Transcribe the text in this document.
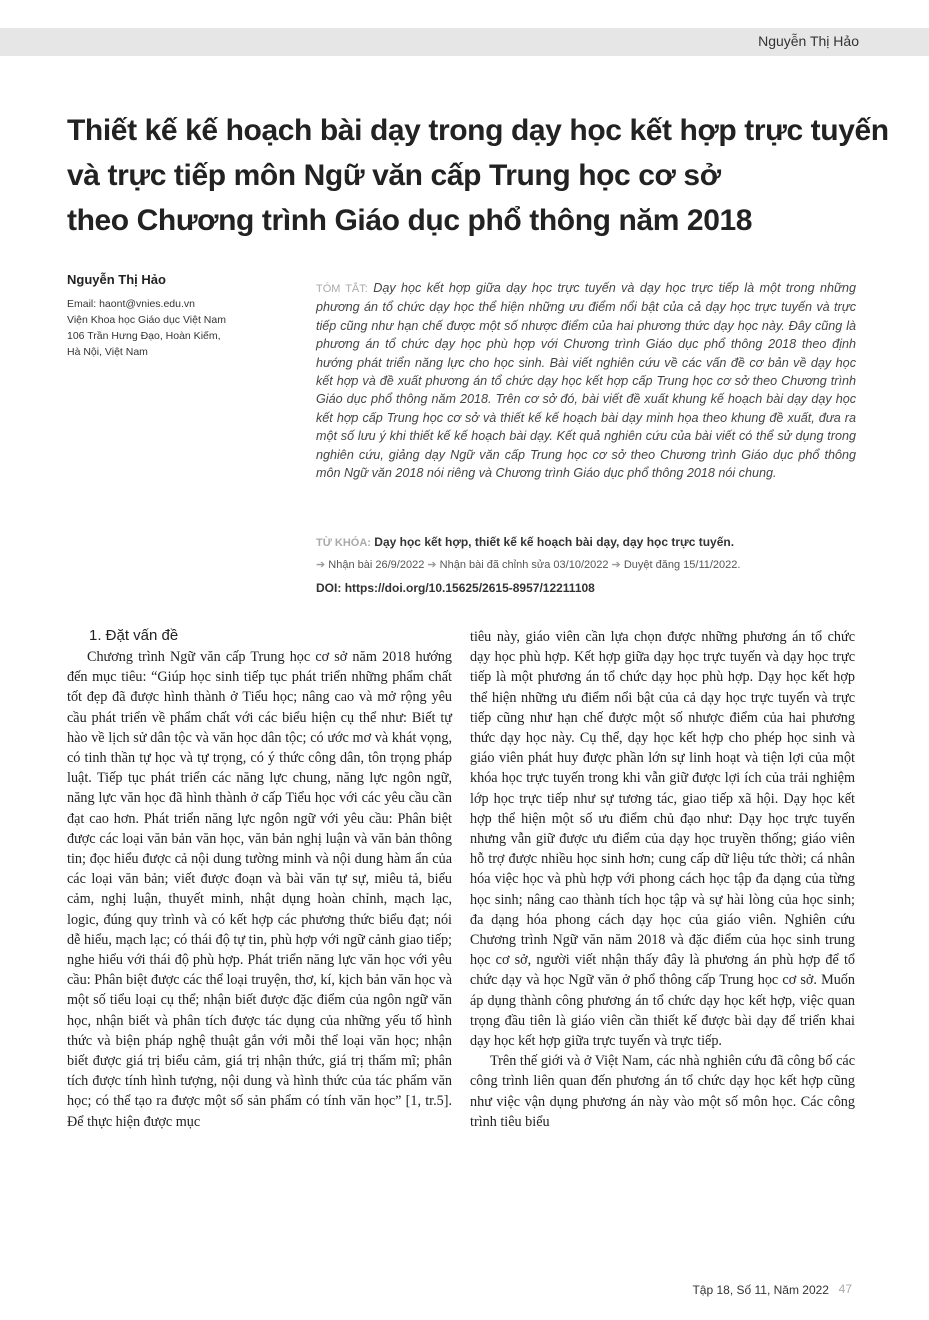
Nguyễn Thị Hảo
Thiết kế kế hoạch bài dạy trong dạy học kết hợp trực tuyến
và trực tiếp môn Ngữ văn cấp Trung học cơ sở
theo Chương trình Giáo dục phổ thông năm 2018
Nguyễn Thị Hảo
Email: haont@vnies.edu.vn
Viện Khoa học Giáo dục Việt Nam
106 Trần Hưng Đạo, Hoàn Kiếm,
Hà Nội, Việt Nam

TÓM TẮT: Dạy học kết hợp giữa dạy học trực tuyến và dạy học trực tiếp là một trong những phương án tổ chức dạy học thể hiện những ưu điểm nổi bật của cả dạy học trực tuyến và trực tiếp cũng như hạn chế được một số nhược điểm của hai phương thức dạy học này. Đây cũng là phương án tổ chức dạy học phù hợp với Chương trình Giáo dục phổ thông 2018 theo định hướng phát triển năng lực cho học sinh. Bài viết nghiên cứu về các vấn đề cơ bản về dạy học kết hợp và đề xuất phương án tổ chức dạy học kết hợp cấp Trung học cơ sở theo Chương trình Giáo dục phổ thông năm 2018. Trên cơ sở đó, bài viết đề xuất khung kế hoạch bài dạy dạy học kết hợp cấp Trung học cơ sở và thiết kế kế hoạch bài dạy minh họa theo khung đề xuất, đưa ra một số lưu ý khi thiết kế kế hoạch bài dạy. Kết quả nghiên cứu của bài viết có thể sử dụng trong nghiên cứu, giảng dạy Ngữ văn cấp Trung học cơ sở theo Chương trình Giáo dục phổ thông môn Ngữ văn 2018 nói riêng và Chương trình Giáo dục phổ thông 2018 nói chung.

TỪ KHÓA: Dạy học kết hợp, thiết kế kế hoạch bài dạy, dạy học trực tuyến.
➔ Nhận bài 26/9/2022 ➔ Nhận bài đã chỉnh sửa 03/10/2022 ➔ Duyệt đăng 15/11/2022.
DOI: https://doi.org/10.15625/2615-8957/12211108
1. Đặt vấn đề

Chương trình Ngữ văn cấp Trung học cơ sở năm 2018 hướng đến mục tiêu: “Giúp học sinh tiếp tục phát triển những phẩm chất tốt đẹp đã được hình thành ở Tiểu học; nâng cao và mở rộng yêu cầu phát triển về phẩm chất với các biểu hiện cụ thể như: Biết tự hào về lịch sử dân tộc và văn học dân tộc; có ước mơ và khát vọng, có tinh thần tự học và tự trọng, có ý thức công dân, tôn trọng pháp luật. Tiếp tục phát triển các năng lực chung, năng lực ngôn ngữ, năng lực văn học đã hình thành ở cấp Tiểu học với các yêu cầu cần đạt cao hơn. Phát triển năng lực ngôn ngữ với yêu cầu: Phân biệt được các loại văn bản văn học, văn bản nghị luận và văn bản thông tin; đọc hiểu được cả nội dung tường minh và nội dung hàm ẩn của các loại văn bản; viết được đoạn và bài văn tự sự, miêu tả, biểu cảm, nghị luận, thuyết minh, nhật dụng hoàn chỉnh, mạch lạc, logic, đúng quy trình và có kết hợp các phương thức biểu đạt; nói dễ hiểu, mạch lạc; có thái độ tự tin, phù hợp với ngữ cảnh giao tiếp; nghe hiểu với thái độ phù hợp. Phát triển năng lực văn học với yêu cầu: Phân biệt được các thể loại truyện, thơ, kí, kịch bản văn học và một số tiểu loại cụ thể; nhận biết được đặc điểm của ngôn ngữ văn học, nhận biết và phân tích được tác dụng của những yếu tố hình thức và biện pháp nghệ thuật gắn với mỗi thể loại văn học; nhận biết được giá trị biểu cảm, giá trị nhận thức, giá trị thẩm mĩ; phân tích được tính hình tượng, nội dung và hình thức của tác phẩm văn học; có thể tạo ra được một số sản phẩm có tính văn học” [1, tr.5]. Để thực hiện được mục

tiêu này, giáo viên cần lựa chọn được những phương án tổ chức dạy học phù hợp. Kết hợp giữa dạy học trực tuyến và dạy học trực tiếp là một phương án tổ chức dạy học phù hợp. Dạy học kết hợp thể hiện những ưu điểm nổi bật của cả dạy học trực tuyến và trực tiếp cũng như hạn chế được một số nhược điểm của hai phương thức dạy học này. Cụ thể, dạy học kết hợp cho phép học sinh và giáo viên phát huy được phần lớn sự linh hoạt và tiện lợi của một khóa học trực tuyến trong khi vẫn giữ được lợi ích của trải nghiệm lớp học trực tiếp như sự tương tác, giao tiếp xã hội. Dạy học kết hợp thể hiện một số ưu điểm chủ đạo như: Dạy học trực tuyến nhưng vẫn giữ được ưu điểm của dạy học truyền thống; giáo viên hỗ trợ được nhiều học sinh hơn; cung cấp dữ liệu tức thời; cá nhân hóa việc học và phù hợp với phong cách học tập đa dạng của từng học sinh; nâng cao thành tích học tập và sự hài lòng của học sinh; đa dạng hóa phong cách dạy học của giáo viên. Nghiên cứu Chương trình Ngữ văn năm 2018 và đặc điểm của học sinh trung học cơ sở, người viết nhận thấy đây là phương án phù hợp để tổ chức dạy và học Ngữ văn ở phổ thông cấp Trung học cơ sở. Muốn áp dụng thành công phương án tổ chức dạy học kết hợp, việc quan trọng đầu tiên là giáo viên cần thiết kế được bài dạy để triển khai dạy học kết hợp giữa trực tuyến và trực tiếp.

Trên thế giới và ở Việt Nam, các nhà nghiên cứu đã công bố các công trình liên quan đến phương án tổ chức dạy học kết hợp cũng như việc vận dụng phương án này vào một số môn học. Các công trình tiêu biểu

Tập 18, Số 11, Năm 2022 47
